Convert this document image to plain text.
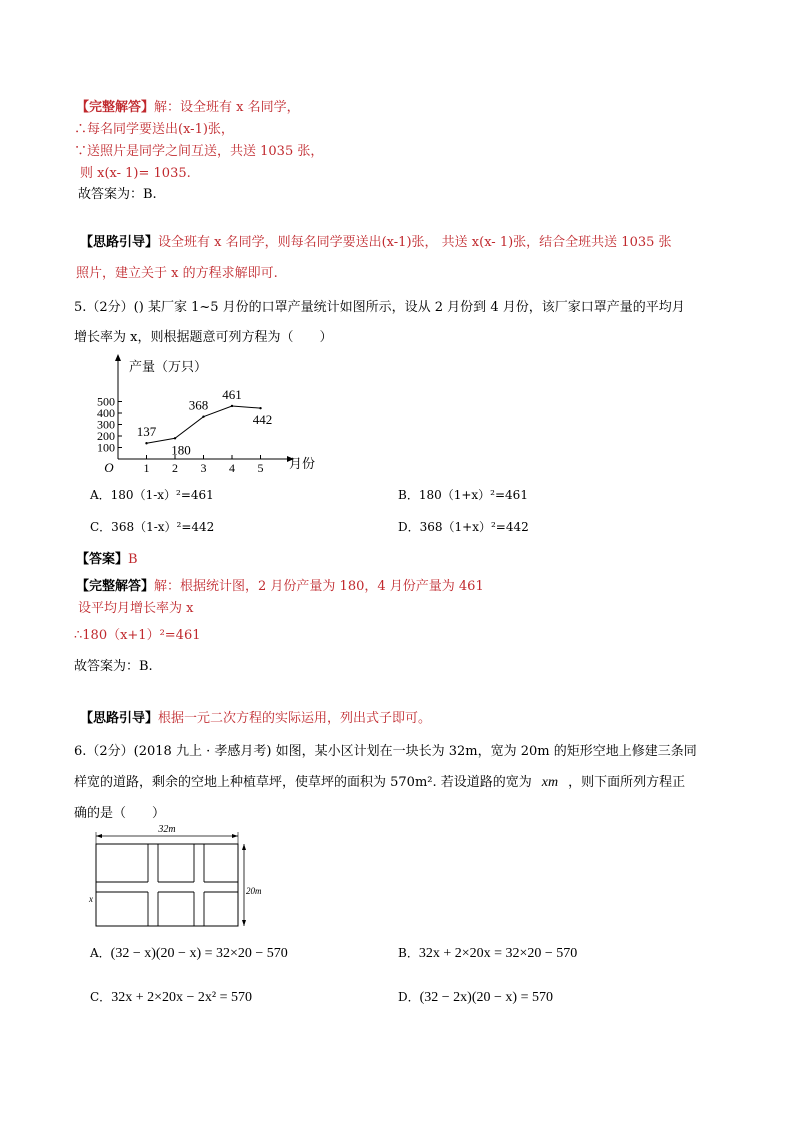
【完整解答】解：设全班有 x 名同学，
∴每名同学要送出(x-1)张，
∵送照片是同学之间互送，共送 1035 张，
则 x(x- 1)= 1035.
故答案为：B.
【思路引导】设全班有 x 名同学，则每名同学要送出(x-1)张， 共送 x(x- 1)张，结合全班共送 1035 张
照片，建立关于 x 的方程求解即可.
5.（2分）() 某厂家 1~5 月份的口罩产量统计如图所示，设从 2 月份到 4 月份，该厂家口罩产量的平均月
增长率为 x，则根据题意可列方程为（　　）
产量（万只）
月份
O
100
200
300
400
500
1 2 3 4 5
137
180
368
461
442
A．180（1-x）²=461	B．180（1+x）²=461
C．368（1-x）²=442	D．368（1+x）²=442
【答案】B
【完整解答】解：根据统计图，2 月份产量为 180，4 月份产量为 461
设平均月增长率为 x
∴180（x+1）²=461
故答案为：B.
【思路引导】根据一元二次方程的实际运用，列出式子即可。
6.（2分）(2018 九上 · 孝感月考) 如图，某小区计划在一块长为 32m，宽为 20m 的矩形空地上修建三条同
样宽的道路，剩余的空地上种植草坪，使草坪的面积为 570m². 若设道路的宽为 xm ，则下面所列方程正
确的是（　　）
32m
x
20m
A．(32 − x)(20 − x) = 32×20 − 570	B．32x + 2×20x = 32×20 − 570
C．32x + 2×20x − 2x² = 570	D．(32 − 2x)(20 − x) = 570
